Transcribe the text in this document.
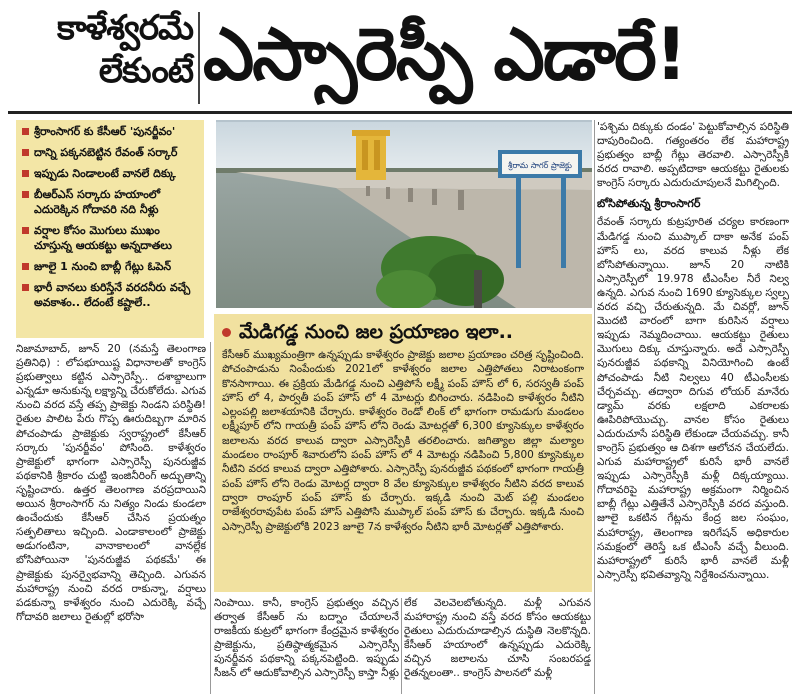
కాళేశ్వరమే
లేకుంటే ఎస్సారెస్పీ ఎడారే!
శ్రీరాంసాగర్ కు కేసీఆర్ 'పునర్జీవం'
దాన్ని పక్కనబెట్టిన రేవంత్ సర్కార్
ఇప్పుడు నిండాలంటే వానలే దిక్కు
బీఆర్ఎస్ సర్కారు హయాంలో ఎదురెక్కిన గోదావరి నది నీళ్లు
వర్షాల కోసం మొగులు ముఖం చూస్తున్న ఆయకట్టు అన్నదాతలు
జూలై 1 నుంచి బాబ్లీ గేట్లు ఓపెన్
భారీ వానలు కురిస్తేనే వరదనీరు వచ్చే అవకాశం.. లేదంటే కష్టాలే..
శ్రీరామ సాగర్ ప్రాజెక్టు

నిజామాబాద్, జూన్ 20 (నమస్తే తెలంగాణ ప్రతినిధి) : లోపభూయిష్ట విధానాలతో కాంగ్రెస్ ప్రభుత్వాలు కట్టిన ఎస్సారెస్పీ.. దశాబ్దాలుగా ఎన్నడూ అనుకున్న లక్ష్యాన్ని చేరుకోలేదు. ఎగువ నుంచి వరద వస్తే తప్ప ప్రాజెక్టు నిండని పరిస్థితి! రైతుల పాలిట పేరు గొప్ప ఊరుదిబ్బగా మారిన పోచంపాడు ప్రాజెక్టుకు స్వరాష్ట్రంలో కేసీఆర్ సర్కారు 'పునర్జీవం' పోసింది. కాళేశ్వరం ప్రాజెక్టులో భాగంగా ఎస్సారెస్పీ పునరుజ్జీవ పథకానికి శ్రీకారం చుట్టి ఇంజినీరింగ్ అద్భుతాన్ని సృష్టించారు. ఉత్తర తెలంగాణ వరప్రదాయిని అయిన శ్రీరాంసాగర్ ను నిత్యం నిండు కుండలా ఉంచేందుకు కేసీఆర్ చేసిన ప్రయత్నం సత్ఫలితాలు ఇచ్చింది. ఎండాకాలంలో ప్రాజెక్టు అడుగంటినా, వానాకాలంలో వానల్లేక బోసిపోయినా 'పునరుజ్జీవ పథకమే' ఈ ప్రాజెక్టుకు పునర్వైభవాన్ని తెచ్చింది. ఎగువన మహారాష్ట్ర నుంచి వరద రాకున్నా, వర్షాలు పడకున్నా కాళేశ్వరం నుంచి ఎదురెక్కి వచ్చే గోదావరి జలాలు రైతుల్లో భరోసా

మేడిగడ్డ నుంచి జల ప్రయాణం ఇలా..
కేసీఆర్ ముఖ్యమంత్రిగా ఉన్నప్పుడు కాళేశ్వరం ప్రాజెక్టు జలాల ప్రయాణం చరిత్ర సృష్టించింది. పోచంపాడును నింపేందుకు 2021లో కాళేశ్వరం జలాల ఎత్తిపోతలు నిరాటంకంగా కొనసాగాయి. ఈ ప్రక్రియ మేడిగడ్డ నుంచి ఎత్తిపోసే లక్ష్మీ పంప్ హౌస్ లో 6, సరస్వతీ పంప్ హౌస్ లో 4, పార్వతీ పంప్ హౌస్ లో 4 మోటర్లు బిగించారు. నడిపించి కాళేశ్వరం నీటిని ఎల్లంపల్లి జలాశయానికి చేర్చారు. కాళేశ్వరం రెండో లింక్ లో భాగంగా రామడుగు మండలం లక్ష్మీపూర్ లోని గాయత్రీ పంప్ హౌస్ లోని రెండు మోటర్లతో 6,300 క్యూసెక్కుల కాళేశ్వరం జలాలను వరద కాలువ ద్వారా ఎస్సారెస్పీకి తరలించారు. జగిత్యాల జిల్లా మల్యాల మండలం రాంపూర్ శివారులోని పంప్ హౌస్ లో 4 మోటర్లు నడిపించి 5,800 క్యూసెక్కుల నీటిని వరద కాలువ ద్వారా ఎత్తిపోశారు. ఎస్సారెస్పీ పునరుజ్జీవ పథకంలో భాగంగా గాయత్రీ పంప్ హౌస్ లోని రెండు మోటర్ల ద్వారా 8 వేల క్యూసెక్కుల కాళేశ్వరం నీటిని వరద కాలువ ద్వారా రాంపూర్ పంప్ హౌస్ కు చేర్చారు. ఇక్కడి నుంచి మెట్ పల్లి మండలం రాజేశ్వరరావుపేట పంప్ హౌస్ ఎత్తిపోసి ముప్కాల్ పంప్ హౌస్ కు చేర్చారు. ఇక్కడి నుంచి ఎస్సారెస్పీ ప్రాజెక్టులోకి 2023 జూలై 7న కాళేశ్వరం నీటిని భారీ మోటర్లతో ఎత్తిపోశారు.

నింపాయి. కానీ, కాంగ్రెస్ ప్రభుత్వం వచ్చిన తర్వాత కేసీఆర్ ను బద్నాం చేయాలనే రాజకీయ కుట్రలో భాగంగా కేంద్రమైన కాళేశ్వరం ప్రాజెక్టును, ప్రతిష్ఠాత్మకమైన ఎస్సారెస్పీ పునర్జీవన పథకాన్ని పక్కనపెట్టింది. ఇప్పుడు సీజన్ లో ఆదుకోవాల్సిన ఎస్సారెస్పీ కాస్తా నీళ్లు

లేక వెలవెలబోతున్నది. మళ్లీ ఎగువన మహారాష్ట్ర నుంచి వస్తే వరద కోసం ఆయకట్టు రైతులు ఎదురుచూడాల్సిన దుస్థితి నెలకొన్నది. కేసీఆర్ హయాంలో ఉన్నప్పుడు ఎదురెక్కి వచ్చిన జలాలను చూసి సంబరపడ్డ రైతన్నలంతా.. కాంగ్రెస్ పాలనలో మళ్లీ

'పశ్చిమ దిక్కుకు దండం' పెట్టుకోవాల్సిన పరిస్థితి దాపురించింది. గత్యంతరం లేక మహారాష్ట్ర ప్రభుత్వం బాబ్లీ గేట్లు తెరవాలి. ఎస్సారెస్పీకి వరద రావాలి. అప్పటిదాకా ఆయకట్టు రైతులకు కాంగ్రెస్ సర్కారు ఎదురుచూపులనే మిగిల్చింది.

బోసిపోతున్న శ్రీరాంసాగర్

రేవంత్ సర్కారు కుట్రపూరిత చర్యల కారణంగా మేడిగడ్డ నుంచి ముప్కాల్ దాకా అనేక పంప్ హౌస్ లు, వరద కాలువ నీళ్లు లేక బోసిపోతున్నాయి. జూన్ 20 నాటికి ఎస్సారెస్పీలో 19.978 టీఎంసీల నీరే నిల్వ ఉన్నది. ఎగువ నుంచి 1690 క్యూసెక్కుల స్వల్ప వరద వచ్చి చేరుతున్నది. మే చివర్లో, జూన్ మొదటి వారంలో బాగా కురిసిన వర్షాలు ఇప్పుడు నెమ్మదించాయి. ఆయకట్టు రైతులు మొగులు దిక్కు చూస్తున్నారు. అదే ఎస్సారెస్పీ పునరుజ్జీవ పథకాన్ని వినియోగించి ఉంటే పోచంపాడు నీటి నిల్వలు 40 టీఎంసీలకు చేర్చవచ్చు. తద్వారా దిగువ లోయర్ మానేరు డ్యామ్ వరకు లక్షలాది ఎకరాలకు ఊపిరిపోయొచ్చు. వానల కోసం రైతులు ఎదురుచూసే పరిస్థితి లేకుండా చేయవచ్చు. కానీ కాంగ్రెస్ ప్రభుత్వం ఆ దిశగా ఆలోచన చేయలేదు. ఎగువ మహారాష్ట్రలో కురిసే భారీ వానలే ఇప్పుడు ఎస్సారెస్పీకి మళ్లీ దిక్కయ్యాయి. గోదావరిపై మహారాష్ట్ర అక్రమంగా నిర్మించిన బాబ్లీ గేట్లు ఎత్తితేనే ఎస్సారెస్పీకి వరద వస్తుంది. జూలై ఒకటిన గేట్లను కేంద్ర జల సంఘం, మహారాష్ట్ర, తెలంగాణ ఇరిగేషన్ అధికారుల సమక్షంలో తెరిస్తే ఒక టీఎంసీ వచ్చే వీలుంది. మహారాష్ట్రలో కురిసే భారీ వానలే మళ్లీ ఎస్సారెస్పీ భవితవ్యాన్ని నిర్దేశించనున్నాయి.
